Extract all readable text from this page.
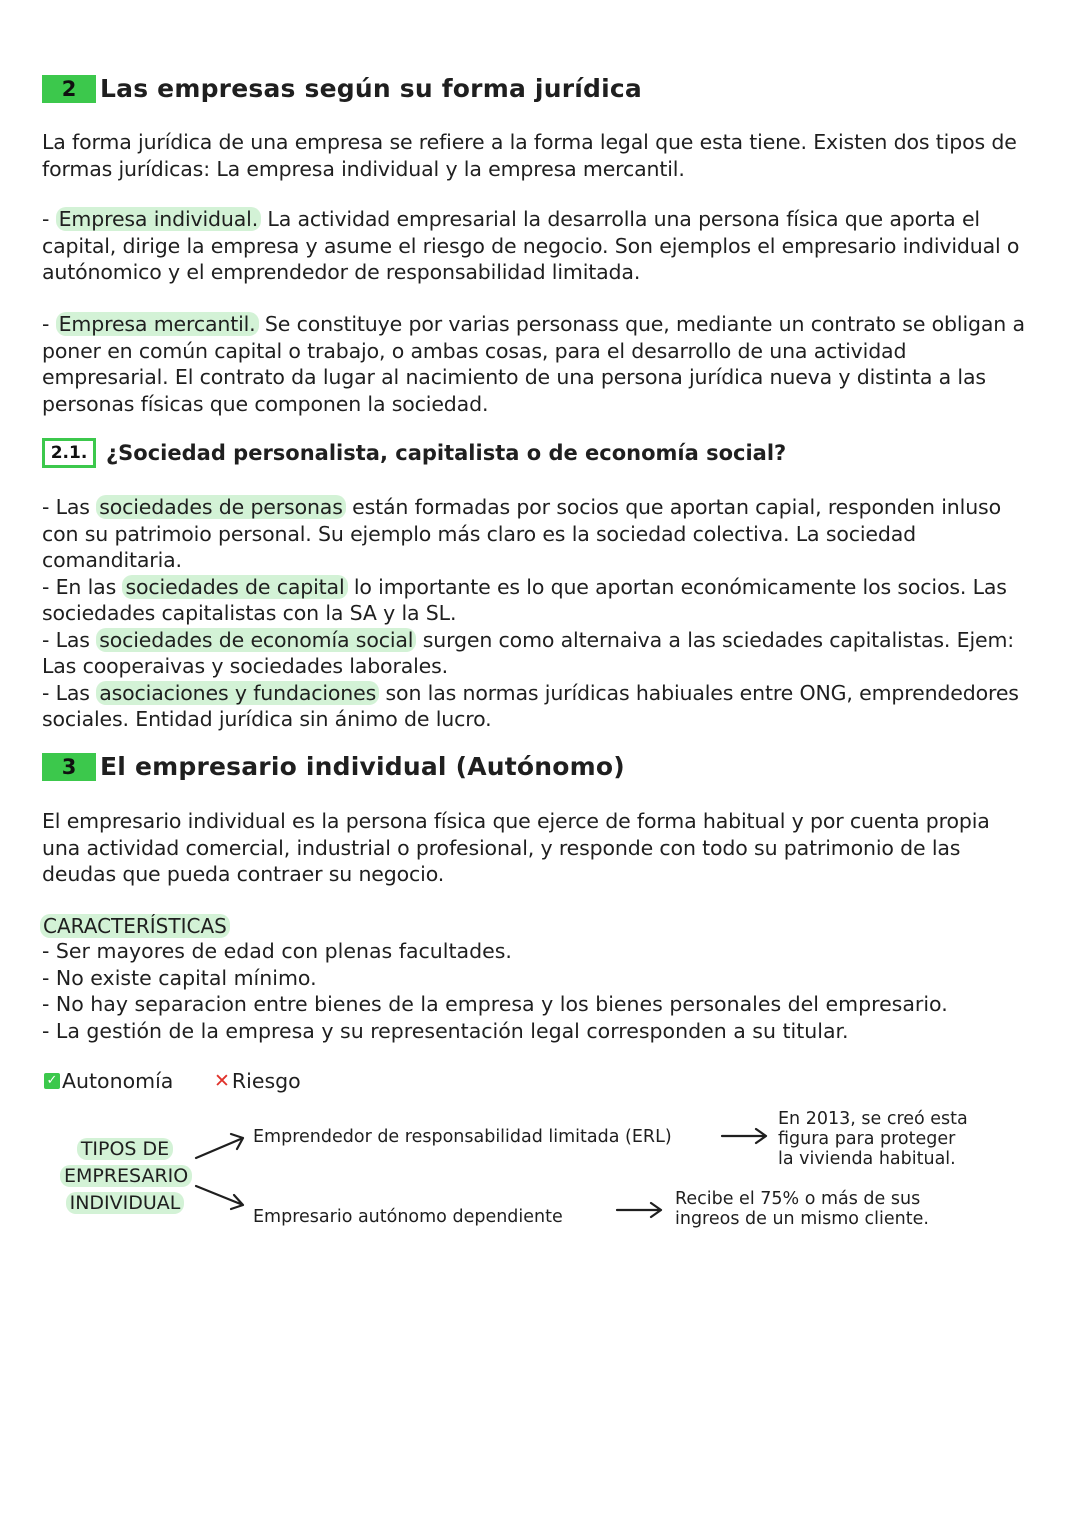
2 Las empresas según su forma jurídica

La forma jurídica de una empresa se refiere a la forma legal que esta tiene. Existen dos tipos de

formas jurídicas: La empresa individual y la empresa mercantil.

- Empresa individual. La actividad empresarial la desarrolla una persona física que aporta el

capital, dirige la empresa y asume el riesgo de negocio. Son ejemplos el empresario individual o

autónomico y el emprendedor de responsabilidad limitada.

- Empresa mercantil. Se constituye por varias personass que, mediante un contrato se obligan a

poner en común capital o trabajo, o ambas cosas, para el desarrollo de una actividad

empresarial. El contrato da lugar al nacimiento de una persona jurídica nueva y distinta a las

personas físicas que componen la sociedad.

2.1. ¿Sociedad personalista, capitalista o de economía social?

- Las sociedades de personas están formadas por socios que aportan capial, responden inluso

con su patrimoio personal. Su ejemplo más claro es la sociedad colectiva. La sociedad

comanditaria.

- En las sociedades de capital lo importante es lo que aportan económicamente los socios. Las

sociedades capitalistas con la SA y la SL.

- Las sociedades de economía social surgen como alternaiva a las sciedades capitalistas. Ejem:

Las cooperaivas y sociedades laborales.

- Las asociaciones y fundaciones son las normas jurídicas habiuales entre ONG, emprendedores

sociales. Entidad jurídica sin ánimo de lucro.

3 El empresario individual (Autónomo)

El empresario individual es la persona física que ejerce de forma habitual y por cuenta propia

una actividad comercial, industrial o profesional, y responde con todo su patrimonio de las

deudas que pueda contraer su negocio.

CARACTERÍSTICAS
- Ser mayores de edad con plenas facultades.
- No existe capital mínimo.
- No hay separacion entre bienes de la empresa y los bienes personales del empresario.
- La gestión de la empresa y su representación legal corresponden a su titular.
✓ Autonomía ✕ Riesgo
TIPOS DE
EMPRESARIO
INDIVIDUAL
Emprendedor de responsabilidad limitada (ERL)
En 2013, se creó esta
figura para proteger
la vivienda habitual.
Empresario autónomo dependiente
Recibe el 75% o más de sus
ingreos de un mismo cliente.
